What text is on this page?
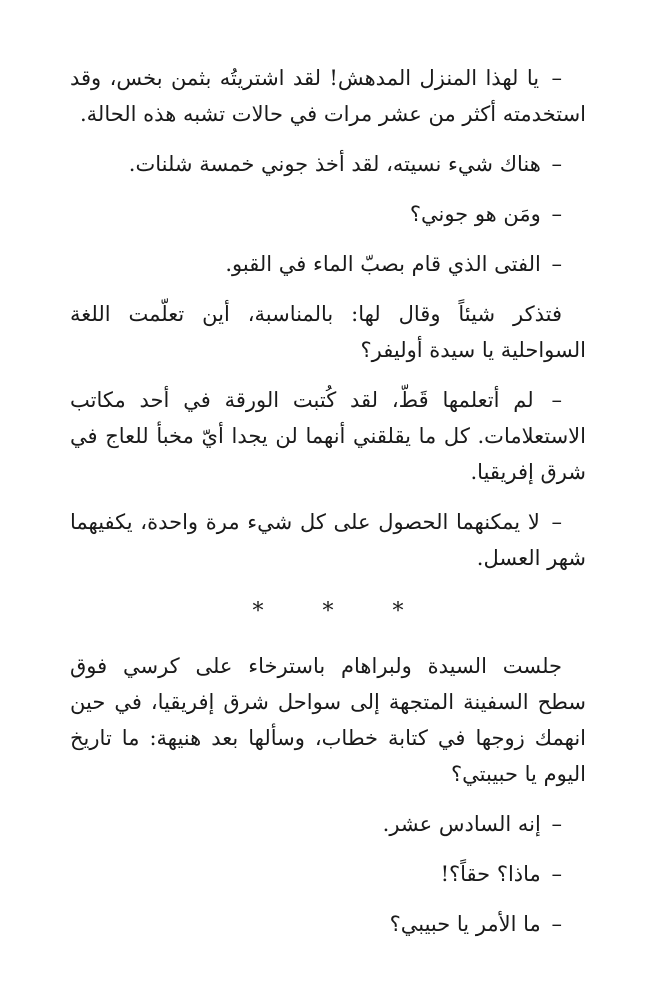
– يا لهذا المنزل المدهش! لقد اشتريتُه بثمن بخس، وقد استخدمته أكثر من عشر مرات في حالات تشبه هذه الحالة.

– هناك شيء نسيته، لقد أخذ جوني خمسة شلنات.

– ومَن هو جوني؟

– الفتى الذي قام بصبّ الماء في القبو.

فتذكر شيئاً وقال لها: بالمناسبة، أين تعلّمت اللغة السواحلية يا سيدة أوليفر؟

– لم أتعلمها قَطّ، لقد كُتبت الورقة في أحد مكاتب الاستعلامات. كل ما يقلقني أنهما لن يجدا أيّ مخبأ للعاج في شرق إفريقيا.

– لا يمكنهما الحصول على كل شيء مرة واحدة، يكفيهما شهر العسل.

* * *

جلست السيدة ولبراهام باسترخاء على كرسي فوق سطح السفينة المتجهة إلى سواحل شرق إفريقيا، في حين انهمك زوجها في كتابة خطاب، وسألها بعد هنيهة: ما تاريخ اليوم يا حبيبتي؟

– إنه السادس عشر.

– ماذا؟ حقاً؟!

– ما الأمر يا حبيبي؟
